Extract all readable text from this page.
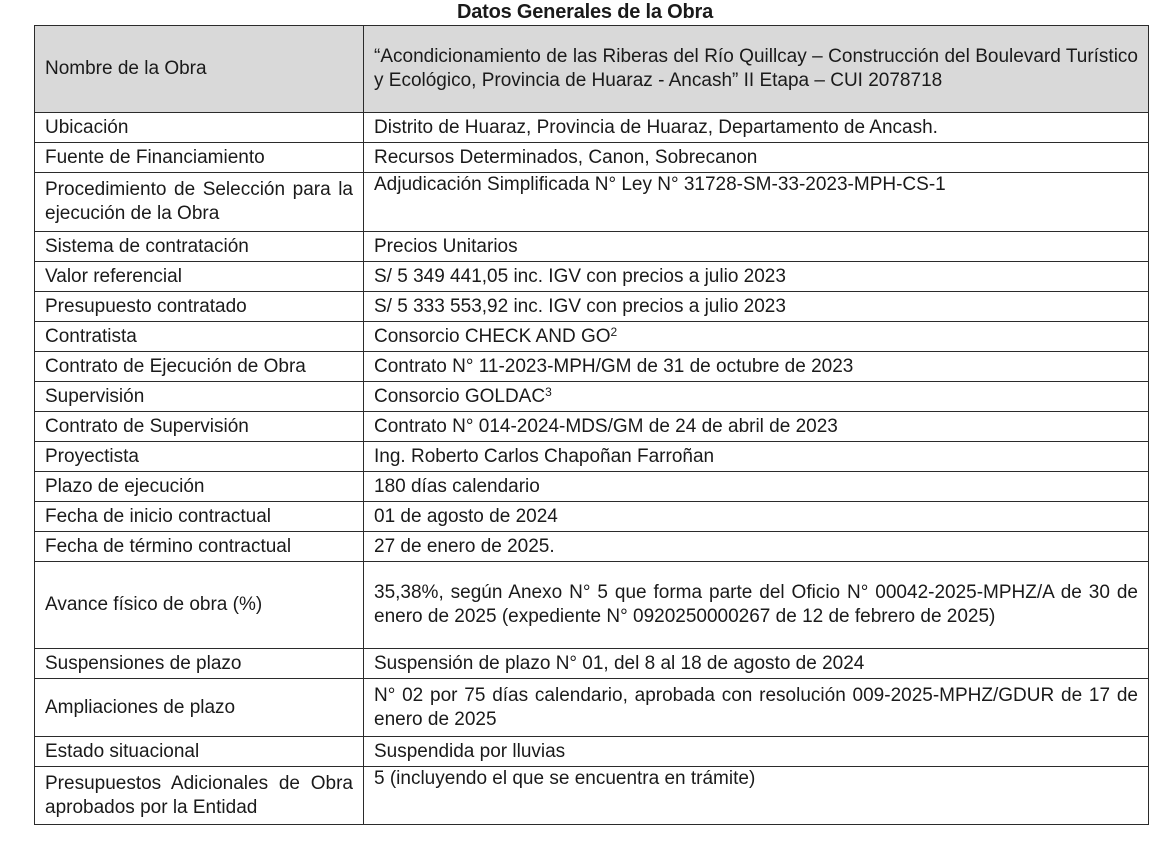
Datos Generales de la Obra
Nombre de la Obra	“Acondicionamiento de las Riberas del Río Quillcay – Construcción del Boulevard Turístico y Ecológico, Provincia de Huaraz - Ancash” II Etapa – CUI 2078718
Ubicación	Distrito de Huaraz, Provincia de Huaraz, Departamento de Ancash.
Fuente de Financiamiento	Recursos Determinados, Canon, Sobrecanon
Procedimiento de Selección para la ejecución de la Obra	Adjudicación Simplificada N° Ley N° 31728-SM-33-2023-MPH-CS-1
Sistema de contratación	Precios Unitarios
Valor referencial	S/ 5 349 441,05 inc. IGV con precios a julio 2023
Presupuesto contratado	S/ 5 333 553,92 inc. IGV con precios a julio 2023
Contratista	Consorcio CHECK AND $GO^2$
Contrato de Ejecución de Obra	Contrato N° 11-2023-MPH/GM de 31 de octubre de 2023
Supervisión	Consorcio GOLDAC$^3$
Contrato de Supervisión	Contrato N° 014-2024-MDS/GM de 24 de abril de 2023
Proyectista	Ing. Roberto Carlos Chapoñan Farroñan
Plazo de ejecución	180 días calendario
Fecha de inicio contractual	01 de agosto de 2024
Fecha de término contractual	27 de enero de 2025.
Avance físico de obra (%)	35,38%, según Anexo N° 5 que forma parte del Oficio N° 00042-2025-MPHZ/A de 30 de enero de 2025 (expediente N° 0920250000267 de 12 de febrero de 2025)
Suspensiones de plazo	Suspensión de plazo N° 01, del 8 al 18 de agosto de 2024
Ampliaciones de plazo	N° 02 por 75 días calendario, aprobada con resolución 009-2025-MPHZ/GDUR de 17 de enero de 2025
Estado situacional	Suspendida por lluvias
Presupuestos Adicionales de Obra aprobados por la Entidad	5 (incluyendo el que se encuentra en trámite)
